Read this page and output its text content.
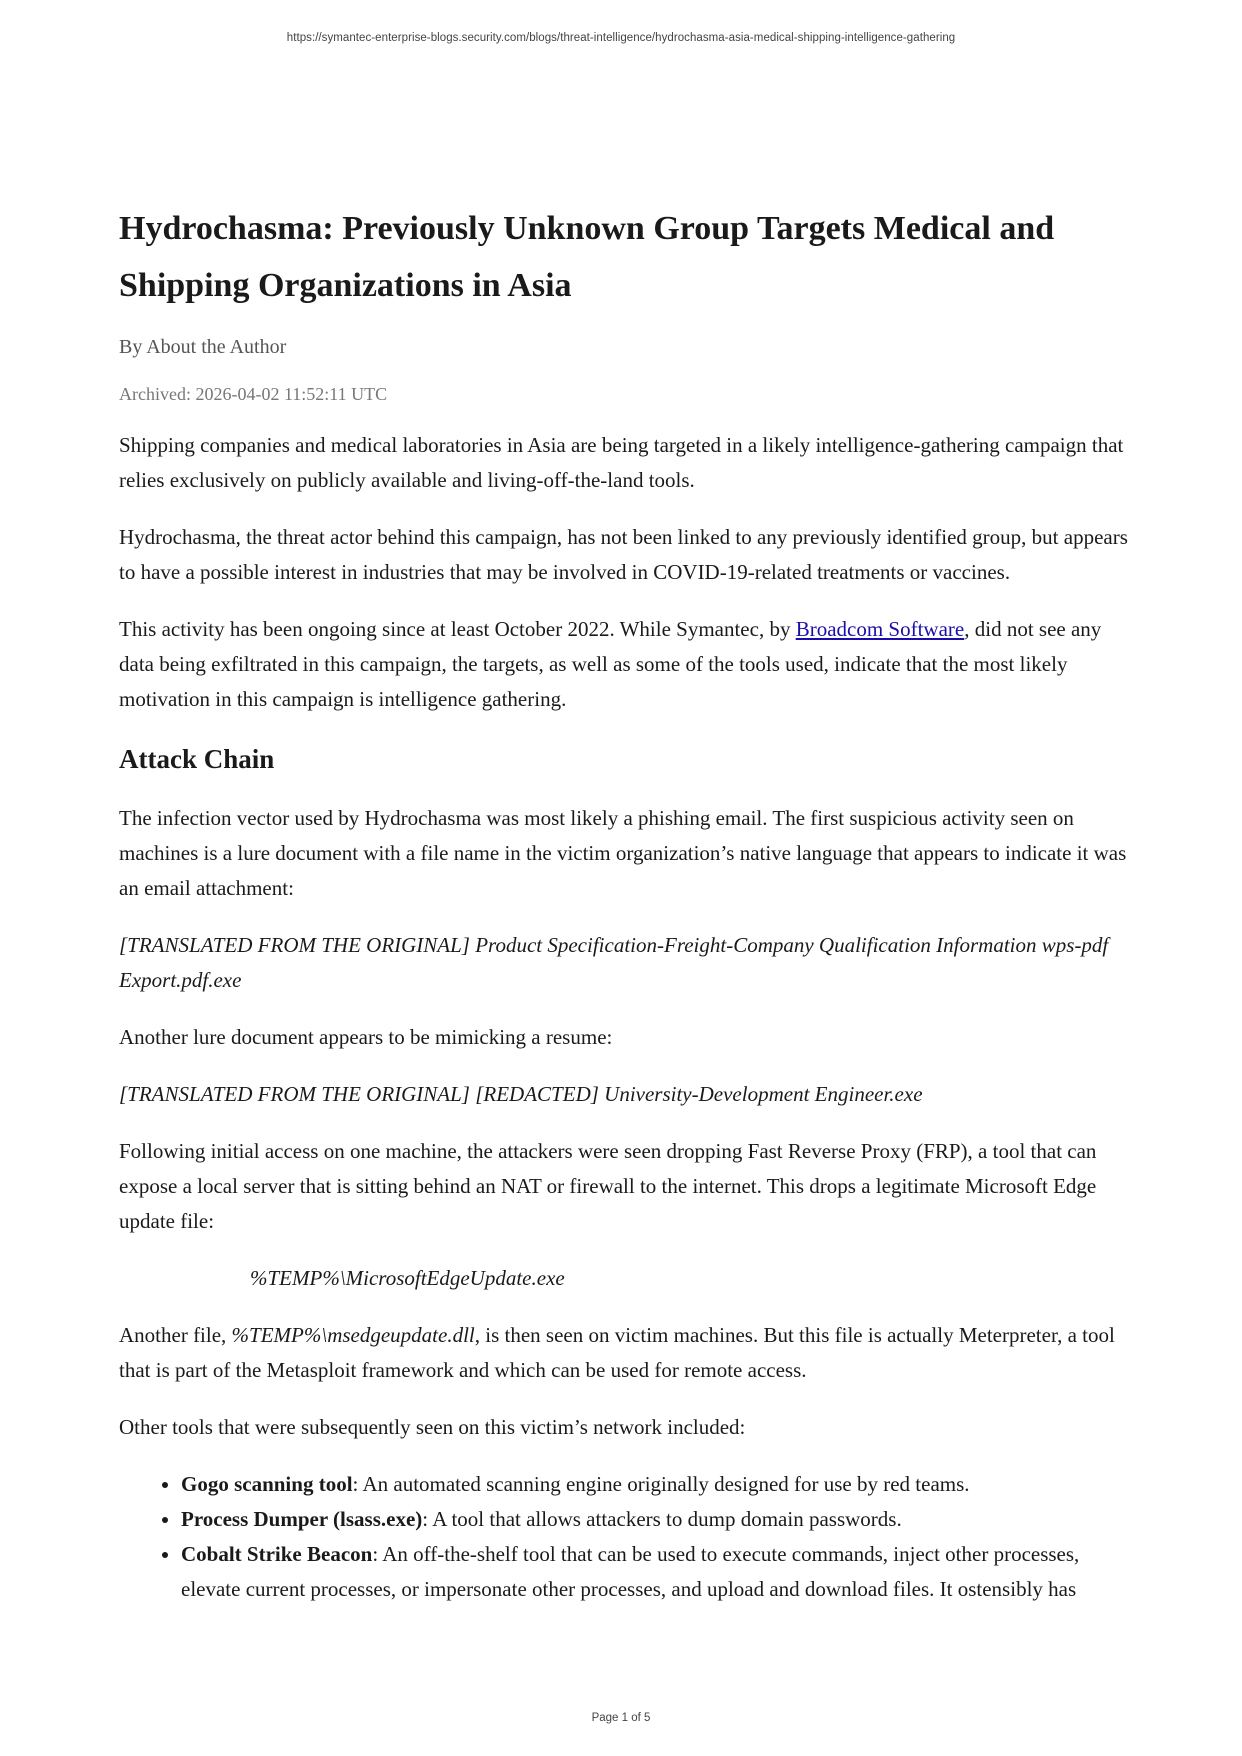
https://symantec-enterprise-blogs.security.com/blogs/threat-intelligence/hydrochasma-asia-medical-shipping-intelligence-gathering
Hydrochasma: Previously Unknown Group Targets Medical and Shipping Organizations in Asia
By About the Author
Archived: 2026-04-02 11:52:11 UTC

Shipping companies and medical laboratories in Asia are being targeted in a likely intelligence-gathering campaign that relies exclusively on publicly available and living-off-the-land tools.

Hydrochasma, the threat actor behind this campaign, has not been linked to any previously identified group, but appears to have a possible interest in industries that may be involved in COVID-19-related treatments or vaccines.

This activity has been ongoing since at least October 2022. While Symantec, by Broadcom Software, did not see any data being exfiltrated in this campaign, the targets, as well as some of the tools used, indicate that the most likely motivation in this campaign is intelligence gathering.

Attack Chain

The infection vector used by Hydrochasma was most likely a phishing email. The first suspicious activity seen on machines is a lure document with a file name in the victim organization’s native language that appears to indicate it was an email attachment:

[TRANSLATED FROM THE ORIGINAL] Product Specification-Freight-Company Qualification Information wps-pdf Export.pdf.exe

Another lure document appears to be mimicking a resume:

[TRANSLATED FROM THE ORIGINAL] [REDACTED] University-Development Engineer.exe

Following initial access on one machine, the attackers were seen dropping Fast Reverse Proxy (FRP), a tool that can expose a local server that is sitting behind an NAT or firewall to the internet. This drops a legitimate Microsoft Edge update file:

%TEMP%\MicrosoftEdgeUpdate.exe

Another file, %TEMP%\msedgeupdate.dll, is then seen on victim machines. But this file is actually Meterpreter, a tool that is part of the Metasploit framework and which can be used for remote access.

Other tools that were subsequently seen on this victim’s network included:

• Gogo scanning tool: An automated scanning engine originally designed for use by red teams.
• Process Dumper (lsass.exe): A tool that allows attackers to dump domain passwords.
• Cobalt Strike Beacon: An off-the-shelf tool that can be used to execute commands, inject other processes, elevate current processes, or impersonate other processes, and upload and download files. It ostensibly has
Page 1 of 5
